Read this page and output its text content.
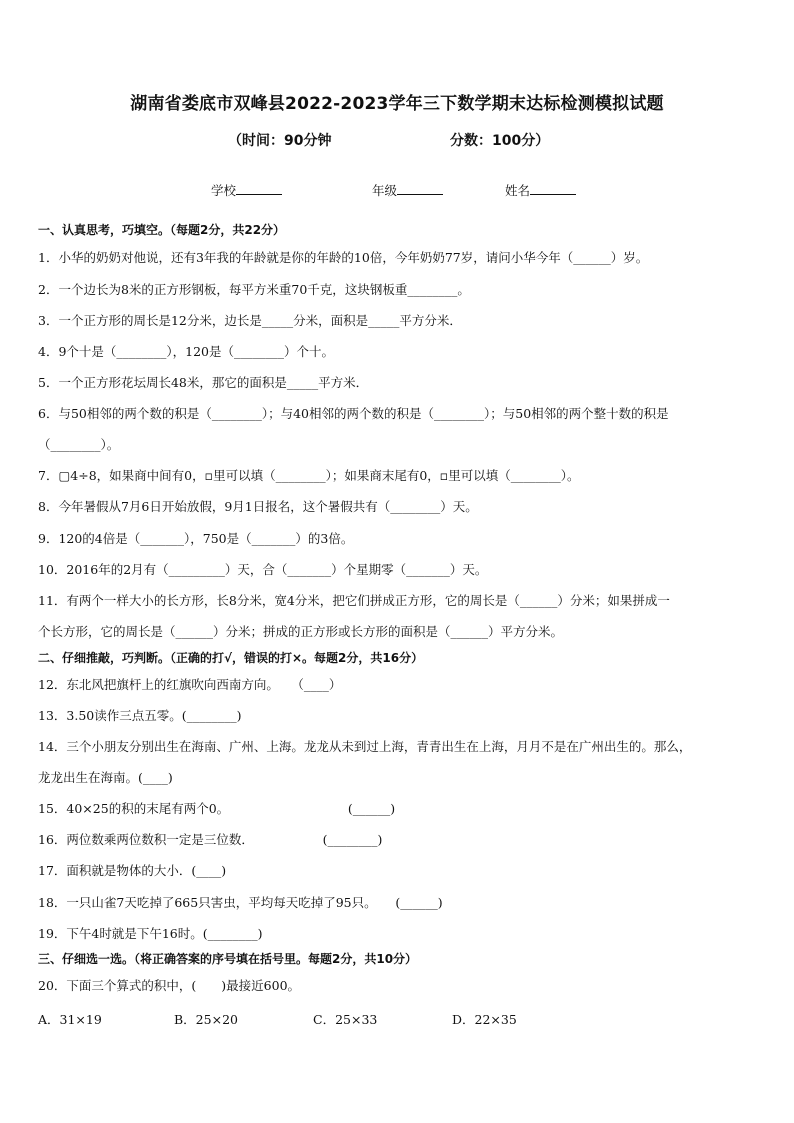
湖南省娄底市双峰县2022-2023学年三下数学期末达标检测模拟试题
（时间：90分钟	分数：100分）
学校	年级	姓名
一、认真思考，巧填空。（每题2分，共22分）
1．小华的奶奶对他说，还有3年我的年龄就是你的年龄的10倍，今年奶奶77岁，请问小华今年（______）岁。
2．一个边长为8米的正方形钢板，每平方米重70千克，这块钢板重________。
3．一个正方形的周长是12分米，边长是_____分米，面积是_____平方分米．
4．9个十是（________），120是（________）个十。
5．一个正方形花坛周长48米，那它的面积是_____平方米．
6．与50相邻的两个数的积是（________）；与40相邻的两个数的积是（________）；与50相邻的两个整十数的积是
（________）。
7．▢4÷8，如果商中间有0，▫里可以填（________）；如果商末尾有0，▫里可以填（________）。
8．今年暑假从7月6日开始放假，9月1日报名，这个暑假共有（________）天。
9．120的4倍是（_______），750是（_______）的3倍。
10．2016年的2月有（_________）天，合（_______）个星期零（_______）天。
11．有两个一样大小的长方形，长8分米，宽4分米，把它们拼成正方形，它的周长是（______）分米；如果拼成一
个长方形，它的周长是（______）分米；拼成的正方形或长方形的面积是（______）平方分米。
二、仔细推敲，巧判断。（正确的打√，错误的打×。每题2分，共16分）
12．东北风把旗杆上的红旗吹向西南方向。　　（____）
13．3.50读作三点五零。(________)
14．三个小朋友分别出生在海南、广州、上海。龙龙从未到过上海，青青出生在上海，月月不是在广州出生的。那么，
龙龙出生在海南。(____)
15．40×25的积的末尾有两个0。　　　　　　　　　　(______)
16．两位数乘两位数积一定是三位数．　　　　　　(________)
17．面积就是物体的大小．(____)
18．一只山雀7天吃掉了665只害虫，平均每天吃掉了95只。　　(______)
19．下午4时就是下午16时。(________)
三、仔细选一选。（将正确答案的序号填在括号里。每题2分，共10分）
20．下面三个算式的积中，(　　)最接近600。
A．31×19	B．25×20	C．25×33	D．22×35
